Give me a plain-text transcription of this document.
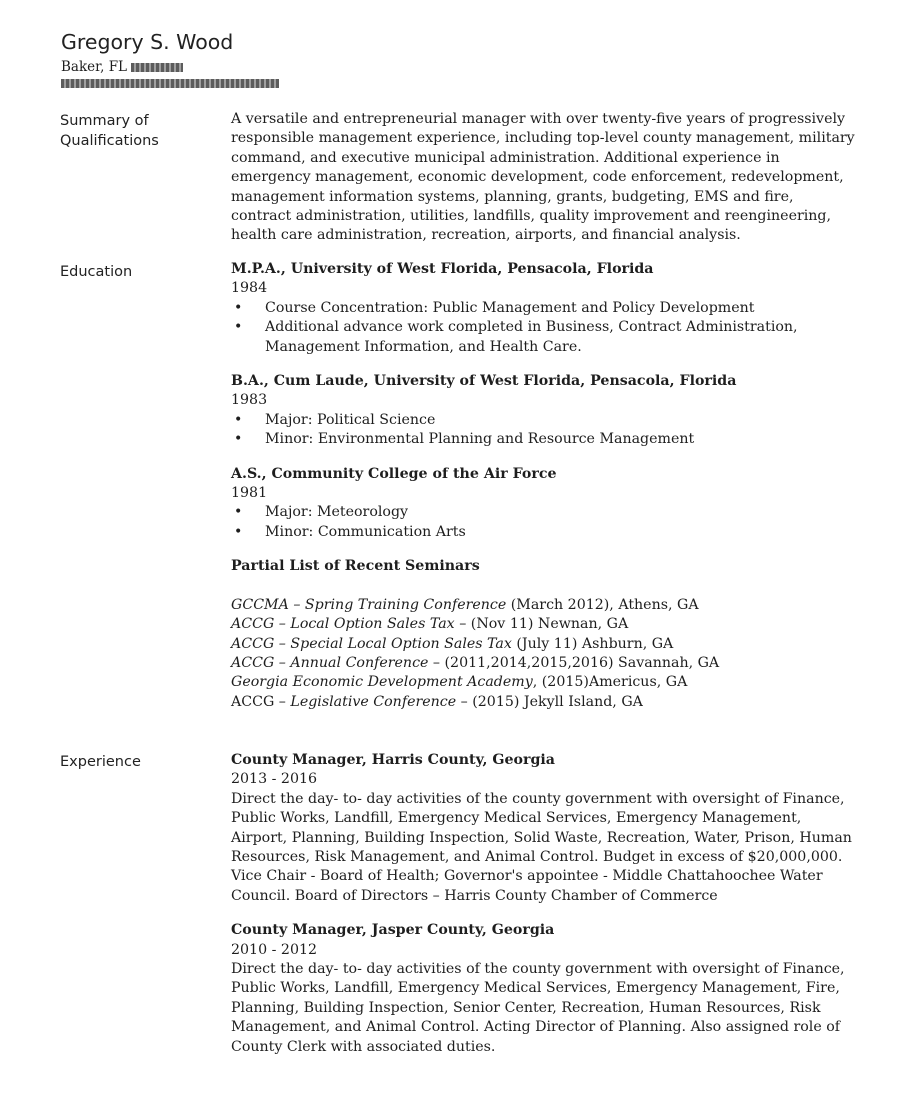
Gregory S. Wood
Baker, FL
Summary of
Qualifications
A versatile and entrepreneurial manager with over twenty-five years of progressively responsible management experience, including top-level county management, military command, and executive municipal administration. Additional experience in emergency management, economic development, code enforcement, redevelopment, management information systems, planning, grants, budgeting, EMS and fire, contract administration, utilities, landfills, quality improvement and reengineering, health care administration, recreation, airports, and financial analysis.
Education	M.P.A., University of West Florida, Pensacola, Florida
1984
• Course Concentration: Public Management and Policy Development
• Additional advance work completed in Business, Contract Administration, Management Information, and Health Care.
B.A., Cum Laude, University of West Florida, Pensacola, Florida
1983
• Major: Political Science
• Minor: Environmental Planning and Resource Management
A.S., Community College of the Air Force
1981
• Major: Meteorology
• Minor: Communication Arts
Partial List of Recent Seminars
GCCMA – Spring Training Conference (March 2012), Athens, GA
ACCG – Local Option Sales Tax – (Nov 11) Newnan, GA
ACCG – Special Local Option Sales Tax (July 11) Ashburn, GA
ACCG – Annual Conference – (2011,2014,2015,2016) Savannah, GA
Georgia Economic Development Academy, (2015)Americus, GA
ACCG – Legislative Conference – (2015) Jekyll Island, GA
Experience	County Manager, Harris County, Georgia
2013 - 2016
Direct the day- to- day activities of the county government with oversight of Finance, Public Works, Landfill, Emergency Medical Services, Emergency Management, Airport, Planning, Building Inspection, Solid Waste, Recreation, Water, Prison, Human Resources, Risk Management, and Animal Control. Budget in excess of $20,000,000. Vice Chair - Board of Health; Governor's appointee - Middle Chattahoochee Water Council. Board of Directors – Harris County Chamber of Commerce
County Manager, Jasper County, Georgia
2010 - 2012
Direct the day- to- day activities of the county government with oversight of Finance, Public Works, Landfill, Emergency Medical Services, Emergency Management, Fire, Planning, Building Inspection, Senior Center, Recreation, Human Resources, Risk Management, and Animal Control. Acting Director of Planning. Also assigned role of County Clerk with associated duties.
